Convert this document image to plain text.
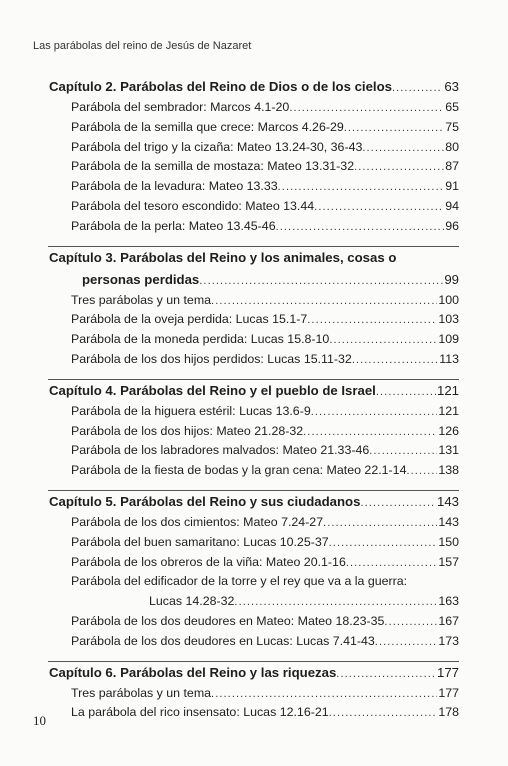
Las parábolas del reino de Jesús de Nazaret
Capítulo 2. Parábolas del Reino de Dios o de los cielos .....	63
Parábola del sembrador: Marcos 4.1-20 .....	65
Parábola de la semilla que crece: Marcos 4.26-29 .....	75
Parábola del trigo y la cizaña: Mateo 13.24-30, 36-43 .....	80
Parábola de la semilla de mostaza: Mateo 13.31-32 .....	87
Parábola de la levadura: Mateo 13.33 .....	91
Parábola del tesoro escondido: Mateo 13.44 .....	94
Parábola de la perla: Mateo 13.45-46 .....	96
Capítulo 3. Parábolas del Reino y los animales, cosas o
personas perdidas .....	99
Tres parábolas y un tema .....	100
Parábola de la oveja perdida: Lucas 15.1-7 .....	103
Parábola de la moneda perdida: Lucas 15.8-10 .....	109
Parábola de los dos hijos perdidos: Lucas 15.11-32 .....	113
Capítulo 4. Parábolas del Reino y el pueblo de Israel .....	121
Parábola de la higuera estéril: Lucas 13.6-9 .....	121
Parábola de los dos hijos: Mateo 21.28-32 .....	126
Parábola de los labradores malvados: Mateo 21.33-46 .....	131
Parábola de la fiesta de bodas y la gran cena: Mateo 22.1-14 .....	138
Capítulo 5. Parábolas del Reino y sus ciudadanos .....	143
Parábola de los dos cimientos: Mateo 7.24-27 .....	143
Parábola del buen samaritano: Lucas 10.25-37 .....	150
Parábola de los obreros de la viña: Mateo 20.1-16 .....	157
Parábola del edificador de la torre y el rey que va a la guerra:
Lucas 14.28-32 .....	163
Parábola de los dos deudores en Mateo: Mateo 18.23-35 .....	167
Parábola de los dos deudores en Lucas: Lucas 7.41-43 .....	173
Capítulo 6. Parábolas del Reino y las riquezas .....	177
Tres parábolas y un tema .....	177
La parábola del rico insensato: Lucas 12.16-21 .....	178
10
